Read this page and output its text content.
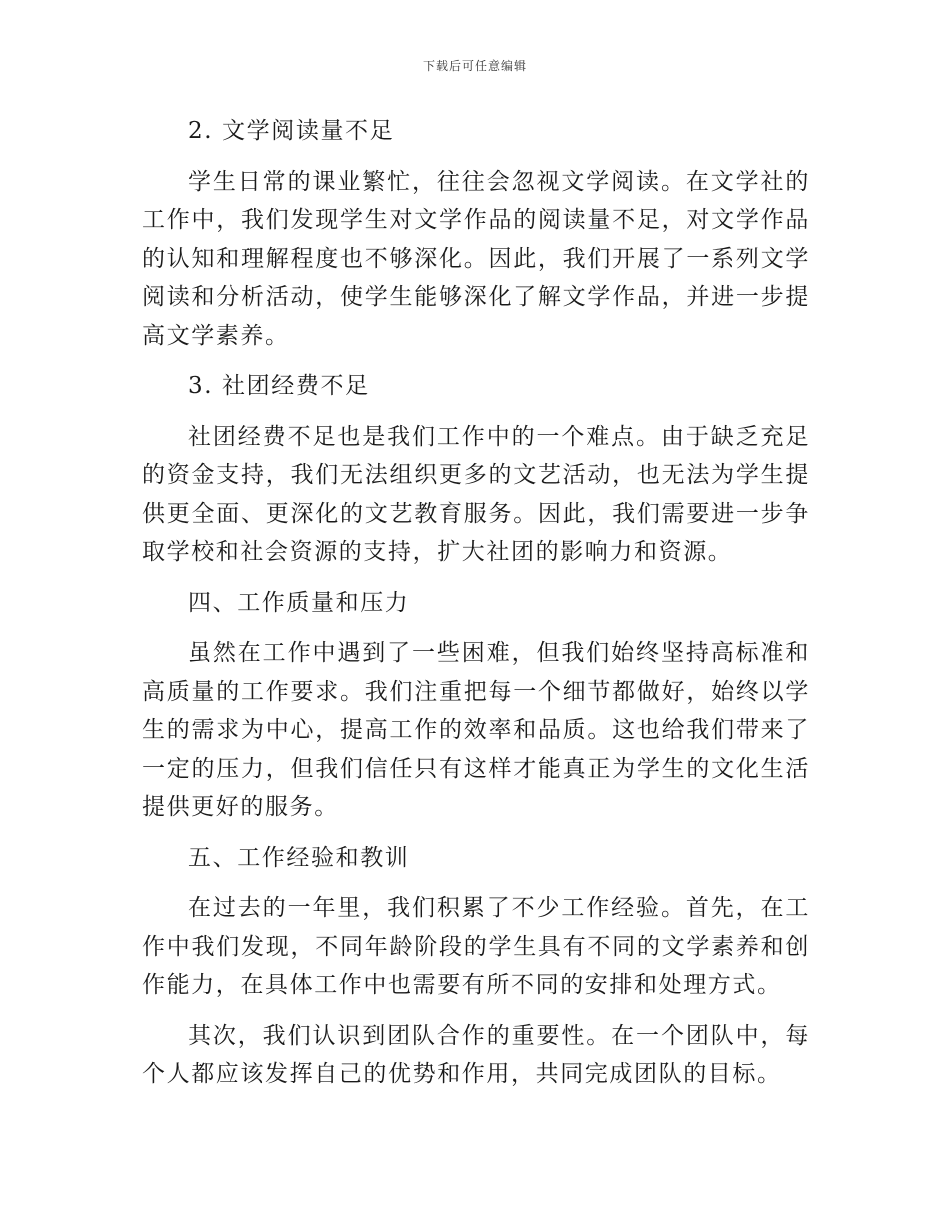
下载后可任意编辑

2. 文学阅读量不足

学生日常的课业繁忙，往往会忽视文学阅读。在文学社的工作中，我们发现学生对文学作品的阅读量不足，对文学作品的认知和理解程度也不够深化。因此，我们开展了一系列文学阅读和分析活动，使学生能够深化了解文学作品，并进一步提高文学素养。

3. 社团经费不足

社团经费不足也是我们工作中的一个难点。由于缺乏充足的资金支持，我们无法组织更多的文艺活动，也无法为学生提供更全面、更深化的文艺教育服务。因此，我们需要进一步争取学校和社会资源的支持，扩大社团的影响力和资源。

四、工作质量和压力

虽然在工作中遇到了一些困难，但我们始终坚持高标准和高质量的工作要求。我们注重把每一个细节都做好，始终以学生的需求为中心，提高工作的效率和品质。这也给我们带来了一定的压力，但我们信任只有这样才能真正为学生的文化生活提供更好的服务。

五、工作经验和教训

在过去的一年里，我们积累了不少工作经验。首先，在工作中我们发现，不同年龄阶段的学生具有不同的文学素养和创作能力，在具体工作中也需要有所不同的安排和处理方式。

其次，我们认识到团队合作的重要性。在一个团队中，每个人都应该发挥自己的优势和作用，共同完成团队的目标。
